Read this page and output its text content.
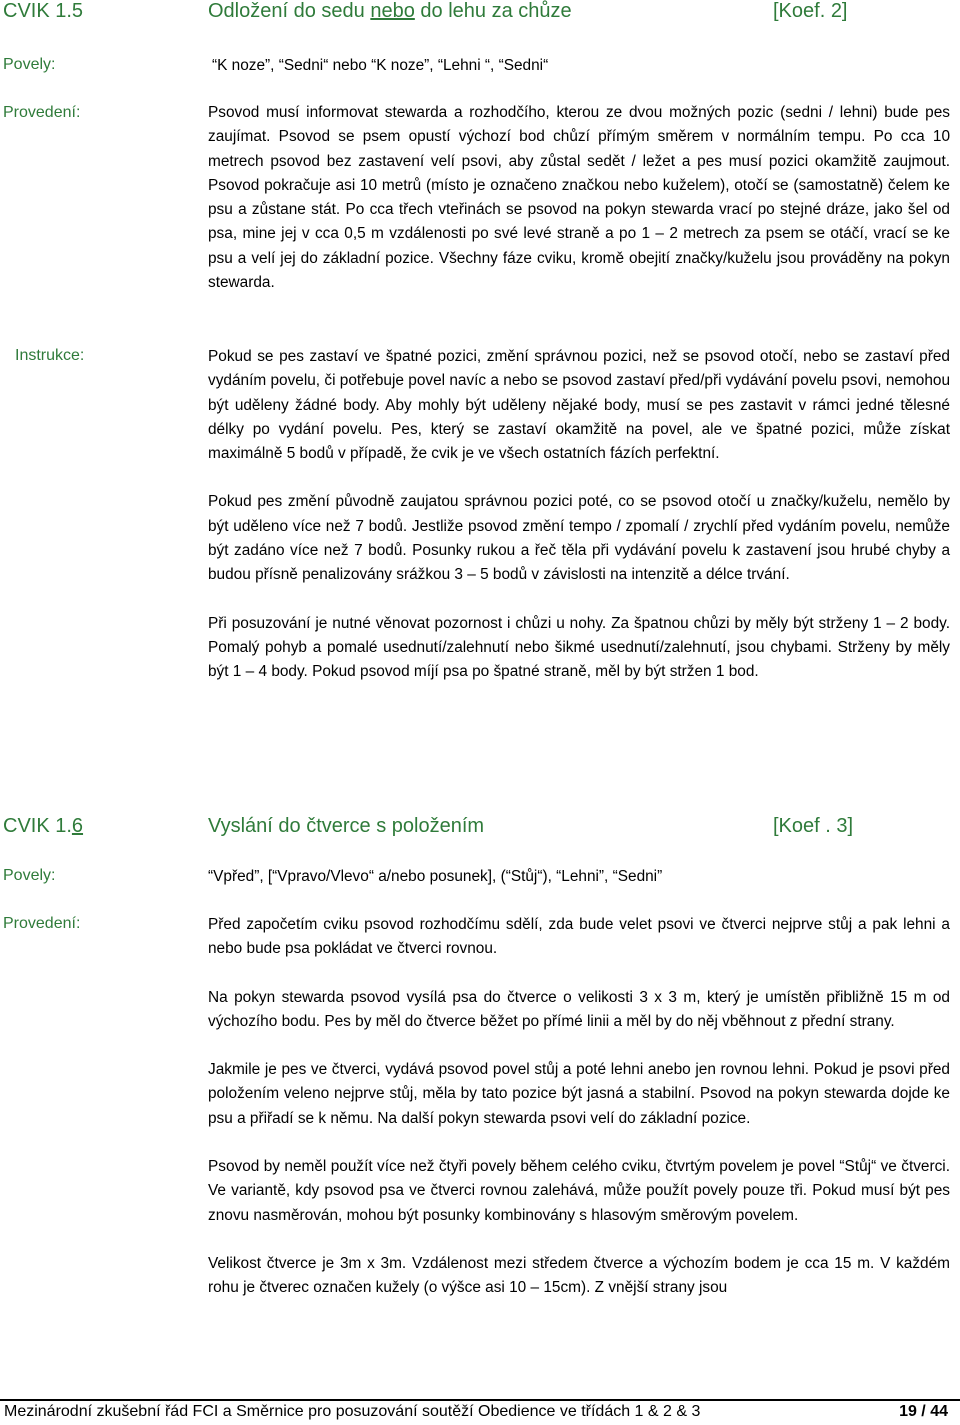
CVIK 1.5	Odložení do sedu nebo do lehu za chůze	[Koef. 2]
Povely:	“K noze”, “Sedni“ nebo “K noze”, “Lehni “, “Sedni“
Provedení:	Psovod musí informovat stewarda a rozhodčího, kterou ze dvou možných pozic (sedni / lehni) bude pes zaujímat. Psovod se psem opustí výchozí bod chůzí přímým směrem v normálním tempu. Po cca 10 metrech psovod bez zastavení velí psovi, aby zůstal sedět / ležet a pes musí pozici okamžitě zaujmout. Psovod pokračuje asi 10 metrů (místo je označeno značkou nebo kuželem), otočí se (samostatně) čelem ke psu a zůstane stát. Po cca třech vteřinách se psovod na pokyn stewarda vrací po stejné dráze, jako šel od psa, mine jej v cca 0,5 m vzdálenosti po své levé straně a po 1 – 2 metrech za psem se otáčí, vrací se ke psu a velí jej do základní pozice. Všechny fáze cviku, kromě obejití značky/kuželu jsou prováděny na pokyn stewarda.
Instrukce:	Pokud se pes zastaví ve špatné pozici, změní správnou pozici, než se psovod otočí, nebo se zastaví před vydáním povelu, či potřebuje povel navíc a nebo se psovod zastaví před/při vydávání povelu psovi, nemohou být uděleny žádné body. Aby mohly být uděleny nějaké body, musí se pes zastavit v rámci jedné tělesné délky po vydání povelu. Pes, který se zastaví okamžitě na povel, ale ve špatné pozici, může získat maximálně 5 bodů v případě, že cvik je ve všech ostatních fázích perfektní.

Pokud pes změní původně zaujatou správnou pozici poté, co se psovod otočí u značky/kuželu, nemělo by být uděleno více než 7 bodů. Jestliže psovod změní tempo / zpomalí / zrychlí před vydáním povelu, nemůže být zadáno více než 7 bodů. Posunky rukou a řeč těla při vydávání povelu k zastavení jsou hrubé chyby a budou přísně penalizovány srážkou 3 – 5 bodů v závislosti na intenzitě a délce trvání.

Při posuzování je nutné věnovat pozornost i chůzi u nohy. Za špatnou chůzi by měly být strženy 1 – 2 body. Pomalý pohyb a pomalé usednutí/zalehnutí nebo šikmé usednutí/zalehnutí, jsou chybami. Strženy by měly být 1 – 4 body. Pokud psovod míjí psa po špatné straně, měl by být stržen 1 bod.

CVIK 1.6	Vyslání do čtverce s položením	[Koef . 3]
Povely:	“Vpřed”, [“Vpravo/Vlevo“ a/nebo posunek], (“Stůj“), “Lehni”, “Sedni”
Provedení:	Před započetím cviku psovod rozhodčímu sdělí, zda bude velet psovi ve čtverci nejprve stůj a pak lehni a nebo bude psa pokládat ve čtverci rovnou.

Na pokyn stewarda psovod vysílá psa do čtverce o velikosti 3 x 3 m, který je umístěn přibližně 15 m od výchozího bodu. Pes by měl do čtverce běžet po přímé linii a měl by do něj vběhnout z přední strany.

Jakmile je pes ve čtverci, vydává psovod povel stůj a poté lehni anebo jen rovnou lehni. Pokud je psovi před položením veleno nejprve stůj, měla by tato pozice být jasná a stabilní. Psovod na pokyn stewarda dojde ke psu a přiřadí se k němu. Na další pokyn stewarda psovi velí do základní pozice.

Psovod by neměl použít více než čtyři povely během celého cviku, čtvrtým povelem je povel “Stůj“ ve čtverci. Ve variantě, kdy psovod psa ve čtverci rovnou zalehává, může použít povely pouze tři. Pokud musí být pes znovu nasměrován, mohou být posunky kombinovány s hlasovým směrovým povelem.

Velikost čtverce je 3m x 3m. Vzdálenost mezi středem čtverce a výchozím bodem je cca 15 m. V každém rohu je čtverec označen kužely (o výšce asi 10 – 15cm). Z vnější strany jsou

Mezinárodní zkušební řád FCI a Směrnice pro posuzování soutěží Obedience ve třídách 1 & 2 & 3	19 / 44
